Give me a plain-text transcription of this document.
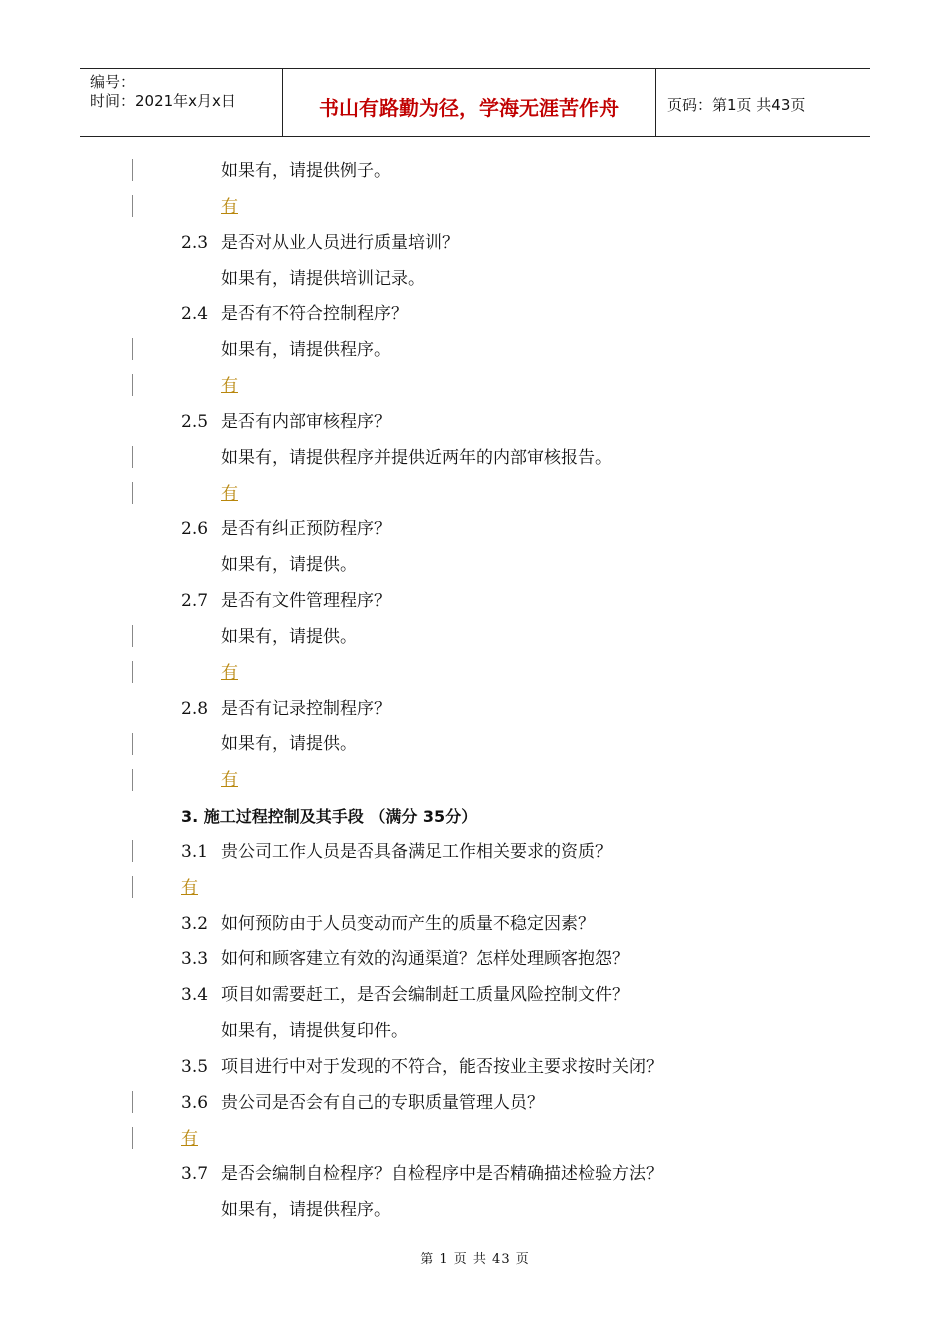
编号：
时间：2021年x月x日	书山有路勤为径，学海无涯苦作舟	页码：第1页 共43页
如果有，请提供例子。
有
2.3 是否对从业人员进行质量培训？
如果有，请提供培训记录。
2.4 是否有不符合控制程序？
如果有，请提供程序。
有
2.5 是否有内部审核程序？
如果有，请提供程序并提供近两年的内部审核报告。
有
2.6 是否有纠正预防程序？
如果有，请提供。
2.7 是否有文件管理程序？
如果有，请提供。
有
2.8 是否有记录控制程序？
如果有，请提供。
有
3. 施工过程控制及其手段 （满分 35分）
3.1 贵公司工作人员是否具备满足工作相关要求的资质？
有
3.2 如何预防由于人员变动而产生的质量不稳定因素？
3.3 如何和顾客建立有效的沟通渠道？怎样处理顾客抱怨？
3.4 项目如需要赶工，是否会编制赶工质量风险控制文件？
如果有，请提供复印件。
3.5 项目进行中对于发现的不符合，能否按业主要求按时关闭？
3.6 贵公司是否会有自己的专职质量管理人员？
有
3.7 是否会编制自检程序？自检程序中是否精确描述检验方法？
如果有，请提供程序。
第 1 页 共 43 页
